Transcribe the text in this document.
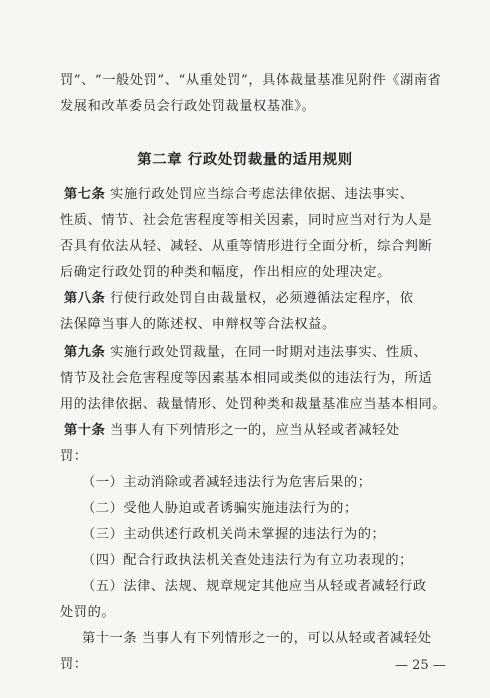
罚”、“一般处罚”、“从重处罚”，具体裁量基准见附件《湖南省
发展和改革委员会行政处罚裁量权基准》。
第二章 行政处罚裁量的适用规则
第七条 实施行政处罚应当综合考虑法律依据、违法事实、
性质、情节、社会危害程度等相关因素，同时应当对行为人是
否具有依法从轻、减轻、从重等情形进行全面分析，综合判断
后确定行政处罚的种类和幅度，作出相应的处理决定。
第八条 行使行政处罚自由裁量权，必须遵循法定程序，依
法保障当事人的陈述权、申辩权等合法权益。
第九条 实施行政处罚裁量，在同一时期对违法事实、性质、
情节及社会危害程度等因素基本相同或类似的违法行为，所适
用的法律依据、裁量情形、处罚种类和裁量基准应当基本相同。
第十条 当事人有下列情形之一的，应当从轻或者减轻处
罚：
（一）主动消除或者减轻违法行为危害后果的；
（二）受他人胁迫或者诱骗实施违法行为的；
（三）主动供述行政机关尚未掌握的违法行为的；
（四）配合行政执法机关查处违法行为有立功表现的；
（五）法律、法规、规章规定其他应当从轻或者减轻行政
处罚的。
第十一条 当事人有下列情形之一的，可以从轻或者减轻处
罚：	— 25 —
